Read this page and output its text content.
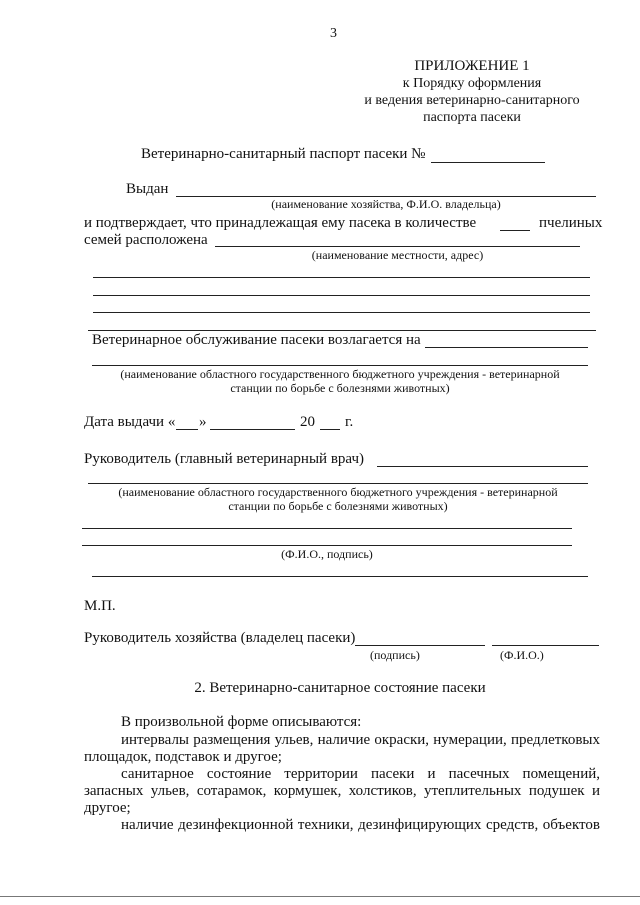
3
ПРИЛОЖЕНИЕ 1
к Порядку оформления
и ведения ветеринарно-санитарного
паспорта пасеки
Ветеринарно-санитарный паспорт пасеки №
Выдан
(наименование хозяйства, Ф.И.О. владельца)
и подтверждает, что принадлежащая ему пасека в количестве	пчелиных
семей расположена
(наименование местности, адрес)
Ветеринарное обслуживание пасеки возлагается на
(наименование областного государственного бюджетного учреждения - ветеринарной
станции по борьбе с болезнями животных)
Дата выдачи « »	20 г.
Руководитель (главный ветеринарный врач)
(наименование областного государственного бюджетного учреждения - ветеринарной
станции по борьбе с болезнями животных)
(Ф.И.О., подпись)
М.П.
Руководитель хозяйства (владелец пасеки)
(подпись)	(Ф.И.О.)
2. Ветеринарно-санитарное состояние пасеки
В произвольной форме описываются:
интервалы размещения ульев, наличие окраски, нумерации, предлетковых
площадок, подставок и другое;
санитарное состояние территории пасеки и пасечных помещений,
запасных ульев, сотарамок, кормушек, холстиков, утеплительных подушек и
другое;
наличие дезинфекционной техники, дезинфицирующих средств, объектов
